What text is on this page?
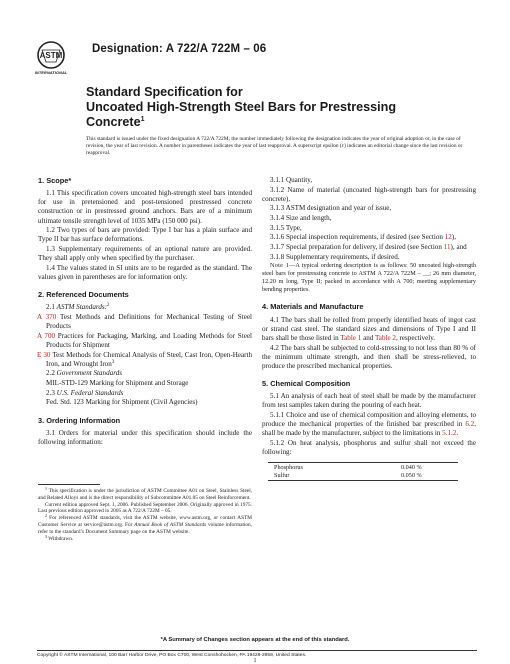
ASTM
INTERNATIONAL
Designation: A 722/A 722M – 06
Standard Specification for
Uncoated High-Strength Steel Bars for Prestressing
Concrete$^1$
This standard is issued under the fixed designation A 722/A 722M; the number immediately following the designation indicates the year of original adoption or, in the case of revision, the year of last revision. A number in parentheses indicates the year of last reapproval. A superscript epsilon (ε) indicates an editorial change since the last revision or reapproval.
1. Scope*

1.1 This specification covers uncoated high-strength steel bars intended for use in pretensioned and post-tensioned prestressed concrete construction or in prestressed ground anchors. Bars are of a minimum ultimate tensile strength level of 1035 MPa (150 000 psi).

1.2 Two types of bars are provided: Type I bar has a plain surface and Type II bar has surface deformations.

1.3 Supplementary requirements of an optional nature are provided. They shall apply only when specified by the purchaser.

1.4 The values stated in SI units are to be regarded as the standard. The values given in parentheses are for information only.

2. Referenced Documents

2.1 ASTM Standards:$^2$

A 370 Test Methods and Definitions for Mechanical Testing of Steel Products

A 700 Practices for Packaging, Marking, and Loading Methods for Steel Products for Shipment

E 30 Test Methods for Chemical Analysis of Steel, Cast Iron, Open-Hearth Iron, and Wrought Iron$^3$

2.2 Government Standards

MIL-STD-129 Marking for Shipment and Storage

2.3 U.S. Federal Standards

Fed. Std. 123 Marking for Shipment (Civil Agencies)

3. Ordering Information

3.1 Orders for material under this specification should include the following information:

$^1$ This specification is under the jurisdiction of ASTM Committee A01 on Steel, Stainless Steel, and Related Alloys and is the direct responsibility of Subcommittee A01.05 on Steel Reinforcement.

Current edition approved Sept. 1, 2006. Published September 2006. Originally approved in 1975. Last previous edition approved in 2005 as A 722/A 722M – 05.

$^2$ For referenced ASTM standards, visit the ASTM website, www.astm.org, or contact ASTM Customer Service at service@astm.org. For Annual Book of ASTM Standards volume information, refer to the standard’s Document Summary page on the ASTM website.

$^3$ Withdrawn.

3.1.1 Quantity,

3.1.2 Name of material (uncoated high-strength bars for prestressing concrete),

3.1.3 ASTM designation and year of issue,

3.1.4 Size and length,

3.1.5 Type,

3.1.6 Special inspection requirements, if desired (see Section 12),

3.1.7 Special preparation for delivery, if desired (see Section 11), and

3.1.8 Supplementary requirements, if desired.

Note 1—A typical ordering description is as follows: 50 uncoated high-strength steel bars for prestressing concrete to ASTM A 722/A 722M – __; 26 mm diameter, 12.20 m long, Type II; packed in accordance with A 700; meeting supplementary bending properties.

4. Materials and Manufacture

4.1 The bars shall be rolled from properly identified heats of ingot cast or strand cast steel. The standard sizes and dimensions of Type I and II bars shall be those listed in Table 1 and Table 2, respectively.

4.2 The bars shall be subjected to cold-stressing to not less than 80 % of the minimum ultimate strength, and then shall be stress-relieved, to produce the prescribed mechanical properties.

5. Chemical Composition

5.1 An analysis of each heat of steel shall be made by the manufacturer from test samples taken during the pouring of each heat.

5.1.1 Choice and use of chemical composition and alloying elements, to produce the mechanical properties of the finished bar prescribed in 6.2, shall be made by the manufacturer, subject to the limitations in 5.1.2.

5.1.2 On heat analysis, phosphorus and sulfur shall not exceed the following:

Phosphorus	0.040 %
Sulfur	0.050 %
*A Summary of Changes section appears at the end of this standard.
Copyright © ASTM International, 100 Barr Harbor Drive, PO Box C700, West Conshohocken, PA 19428-2959, United States.
1
